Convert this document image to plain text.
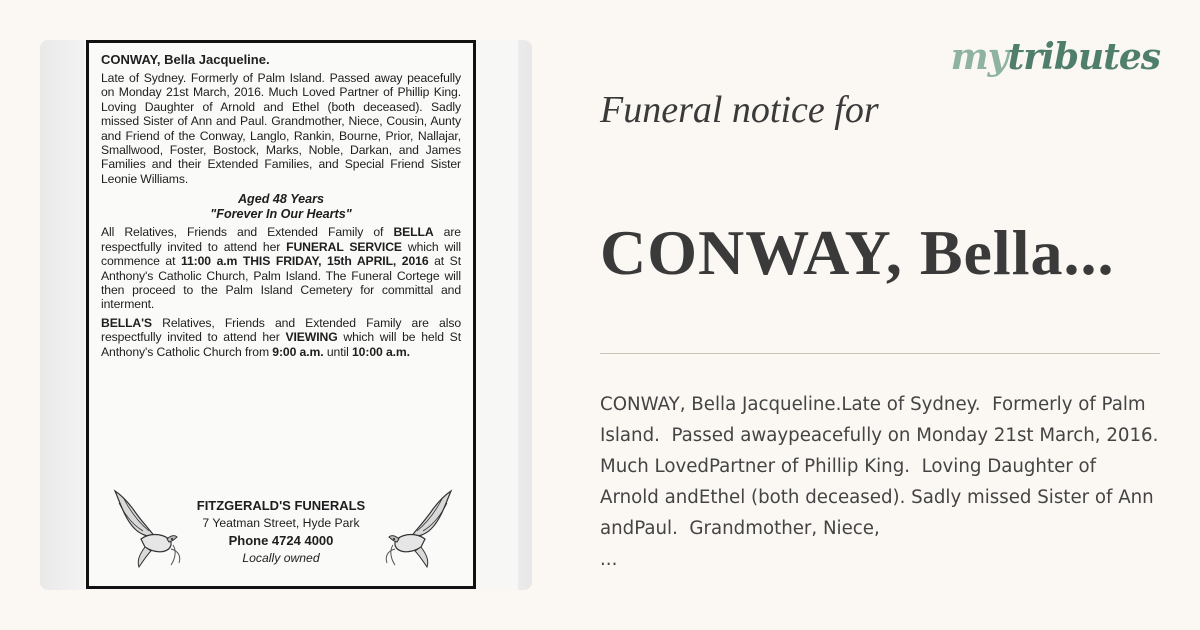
CONWAY, Bella Jacqueline.
Late of Sydney. Formerly of Palm Island. Passed away peacefully on Monday 21st March, 2016. Much Loved Partner of Phillip King. Loving Daughter of Arnold and Ethel (both deceased). Sadly missed Sister of Ann and Paul. Grandmother, Niece, Cousin, Aunty and Friend of the Conway, Langlo, Rankin, Bourne, Prior, Nallajar, Smallwood, Foster, Bostock, Marks, Noble, Darkan, and James Families and their Extended Families, and Special Friend Sister Leonie Williams.
Aged 48 Years
"Forever In Our Hearts"
All Relatives, Friends and Extended Family of BELLA are respectfully invited to attend her FUNERAL SERVICE which will commence at 11:00 a.m THIS FRIDAY, 15th APRIL, 2016 at St Anthony's Catholic Church, Palm Island. The Funeral Cortege will then proceed to the Palm Island Cemetery for committal and interment.
BELLA'S Relatives, Friends and Extended Family are also respectfully invited to attend her VIEWING which will be held St Anthony's Catholic Church from 9:00 a.m. until 10:00 a.m.
FITZGERALD'S FUNERALS
7 Yeatman Street, Hyde Park
Phone 4724 4000
Locally owned
mytributes
Funeral notice for
CONWAY, Bella...
CONWAY, Bella Jacqueline.Late of Sydney.  Formerly of Palm Island.  Passed awaypeacefully on Monday 21st March, 2016. Much LovedPartner of Phillip King.  Loving Daughter of Arnold andEthel (both deceased). Sadly missed Sister of Ann andPaul.  Grandmother, Niece,
...
